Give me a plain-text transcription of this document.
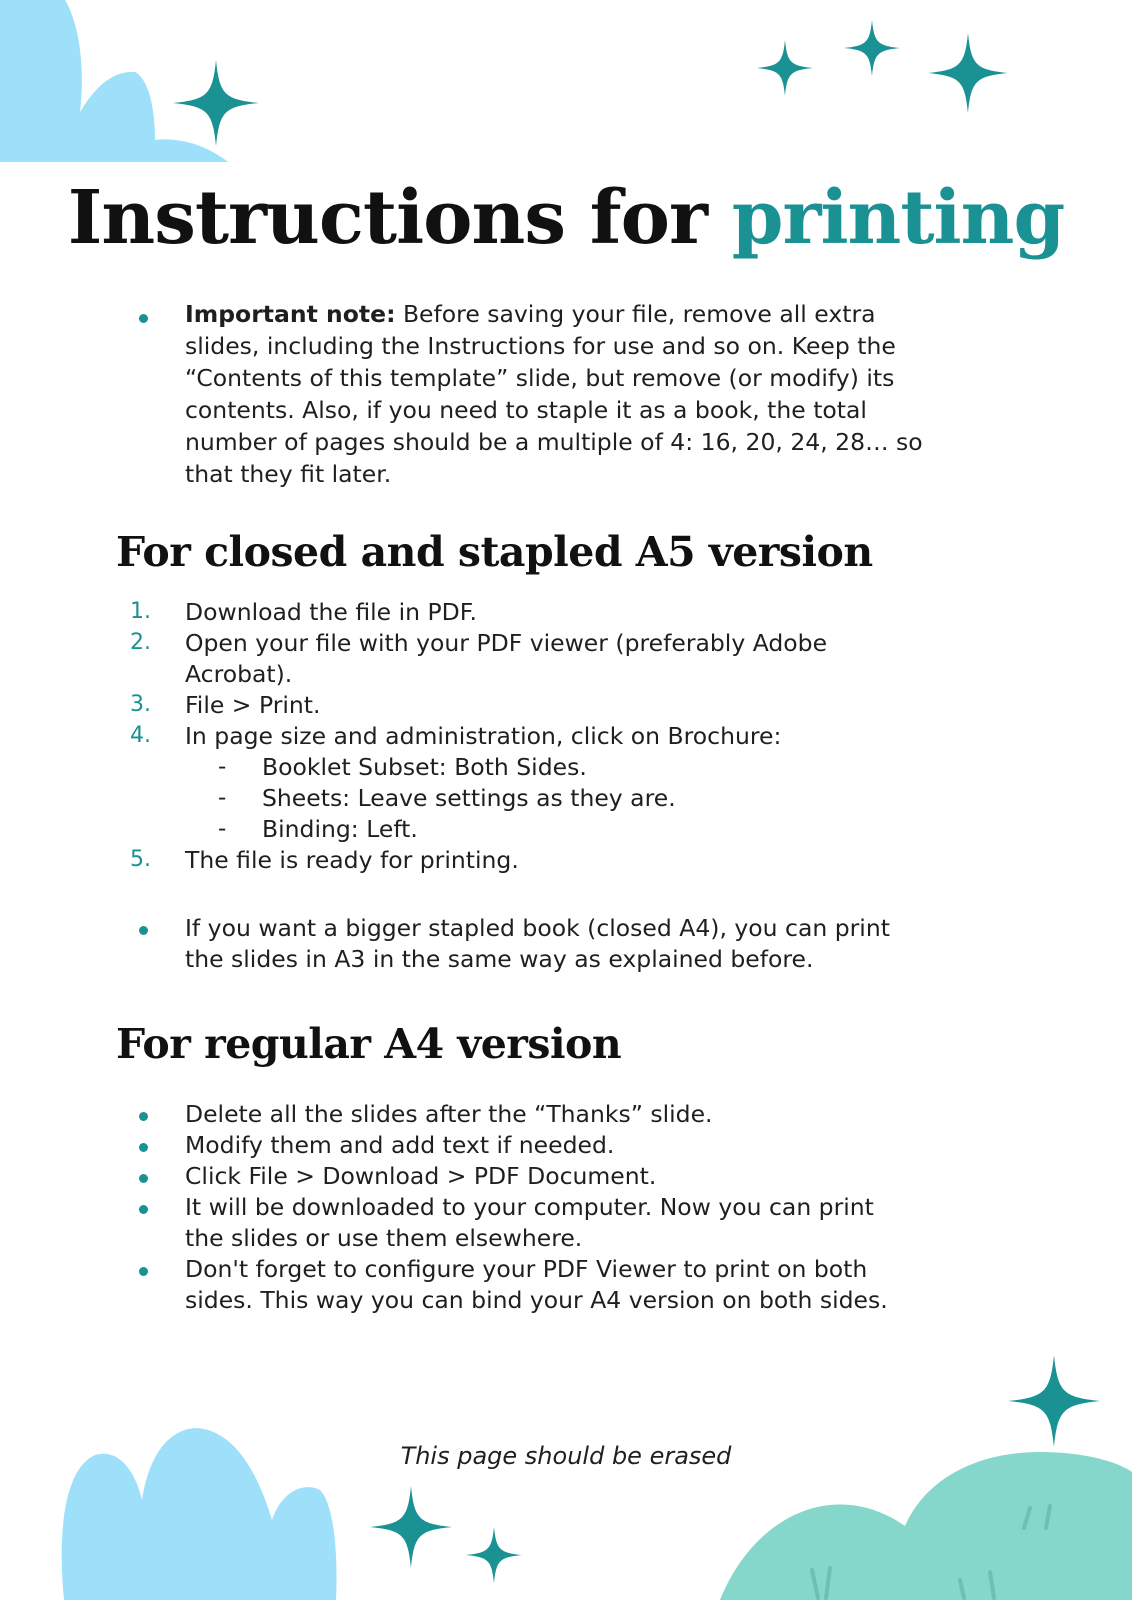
Instructions for printing
Important note: Before saving your file, remove all extra
slides, including the Instructions for use and so on. Keep the
“Contents of this template” slide, but remove (or modify) its
contents. Also, if you need to staple it as a book, the total
number of pages should be a multiple of 4: 16, 20, 24, 28… so
that they fit later.
For closed and stapled A5 version
1. Download the file in PDF.
2. Open your file with your PDF viewer (preferably Adobe
Acrobat).
3. File > Print.
4. In page size and administration, click on Brochure:
- Booklet Subset: Both Sides.
- Sheets: Leave settings as they are.
- Binding: Left.
5. The file is ready for printing.
If you want a bigger stapled book (closed A4), you can print
the slides in A3 in the same way as explained before.
For regular A4 version
Delete all the slides after the “Thanks” slide.
Modify them and add text if needed.
Click File > Download > PDF Document.
It will be downloaded to your computer. Now you can print
the slides or use them elsewhere.
Don't forget to configure your PDF Viewer to print on both
sides. This way you can bind your A4 version on both sides.
This page should be erased
